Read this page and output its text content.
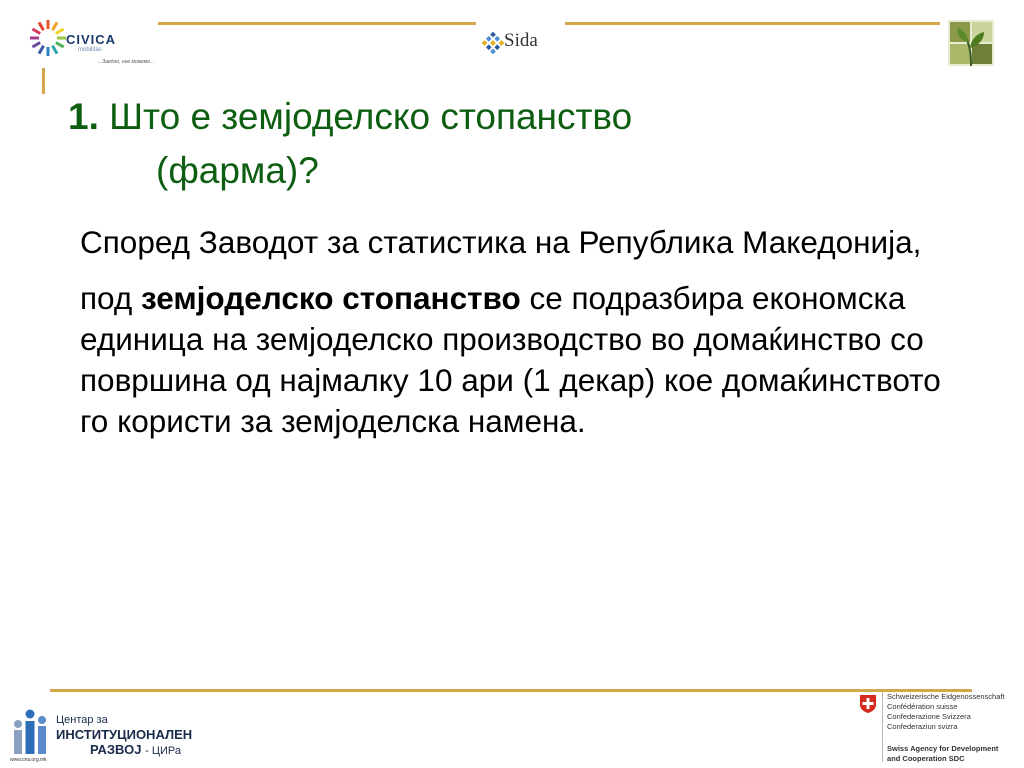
CIVICA
mobilitas
...Заедно, ние можеме...
Sida
1. Што е земјоделско стопанство
(фарма)?

Според Заводот за статистика на Република Македонија,

под земјоделско стопанство се подразбира економска единица на земјоделско производство во домаќинство со површина од најмалку 10 ари (1 декар) кое домаќинството го користи за земјоделска намена.

Центар за
ИНСТИТУЦИОНАЛЕН
РАЗВОЈ - ЦИРа
www.cira.org.mk
Schweizerische Eidgenossenschaft
Confédération suisse
Confederazione Svizzera
Confederaziun svizra
Swiss Agency for Development
and Cooperation SDC
